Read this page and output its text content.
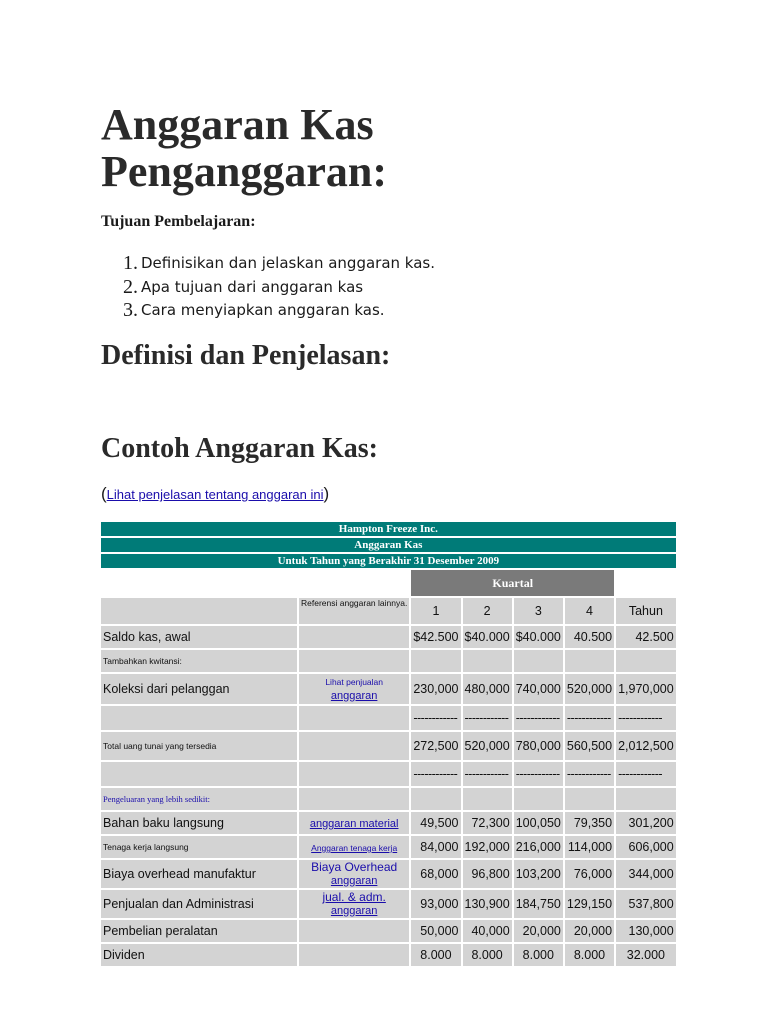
Anggaran Kas Penganggaran:

Tujuan Pembelajaran:

1. Definisikan dan jelaskan anggaran kas.
2. Apa tujuan dari anggaran kas
3. Cara menyiapkan anggaran kas.
Definisi dan Penjelasan:
Contoh Anggaran Kas:
(Lihat penjelasan tentang anggaran ini)
Hampton Freeze Inc.						
Anggaran Kas						
Untuk Tahun yang Berakhir 31 Desember 2009						
		Kuartal				
	Referensi anggaran lainnya.	1	2	3	4	Tahun
Saldo kas, awal		$42.500	$40.000	$40.000	40.500	42.500
Tambahkan kwitansi:						
Koleksi dari pelanggan	Lihat penjualan
anggaran	230,000	480,000	740,000	520,000	1,970,000
		------------	------------	------------	------------	------------
Total uang tunai yang tersedia		272,500	520,000	780,000	560,500	2,012,500
		------------	------------	------------	------------	------------
Pengeluaran yang lebih sedikit:						
Bahan baku langsung	anggaran material	49,500	72,300	100,050	79,350	301,200
Tenaga kerja langsung	Anggaran tenaga kerja	84,000	192,000	216,000	114,000	606,000
Biaya overhead manufaktur	Biaya Overhead
anggaran	68,000	96,800	103,200	76,000	344,000
Penjualan dan Administrasi	jual. & adm.
anggaran	93,000	130,900	184,750	129,150	537,800
Pembelian peralatan		50,000	40,000	20,000	20,000	130,000
Dividen		8.000	8.000	8.000	8.000	32.000
